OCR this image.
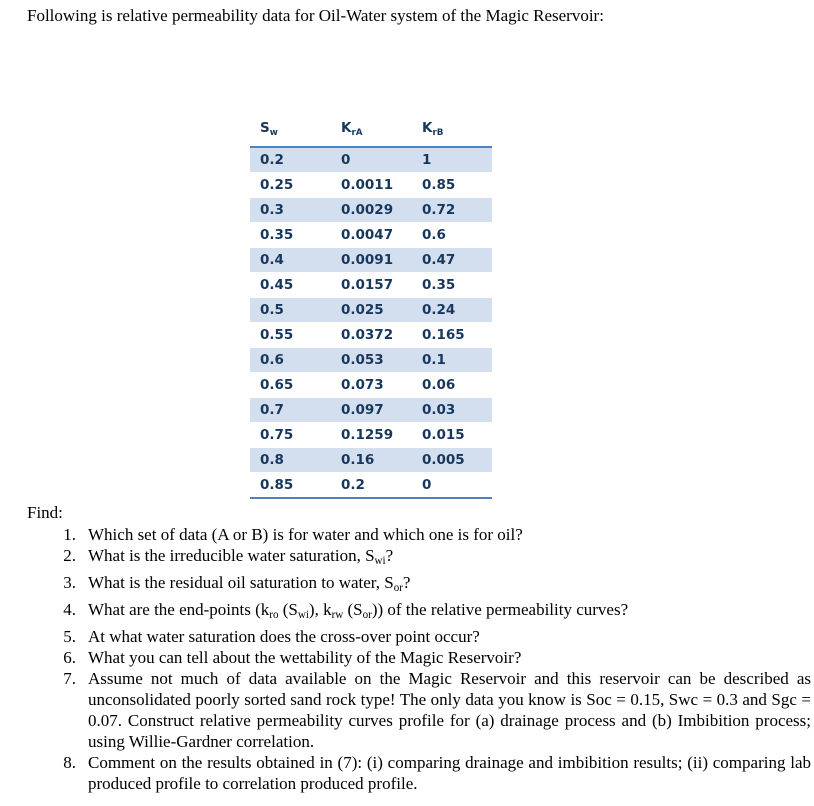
Following is relative permeability data for Oil-Water system of the Magic Reservoir:

$S_w$	$K_{rA}$	$K_{rB}$
0.2	0	1
0.25	0.0011	0.85
0.3	0.0029	0.72
0.35	0.0047	0.6
0.4	0.0091	0.47
0.45	0.0157	0.35
0.5	0.025	0.24
0.55	0.0372	0.165
0.6	0.053	0.1
0.65	0.073	0.06
0.7	0.097	0.03
0.75	0.1259	0.015
0.8	0.16	0.005
0.85	0.2	0

Find:

1. Which set of data (A or B) is for water and which one is for oil?
2. What is the irreducible water saturation, $S_{wi}$?
3. What is the residual oil saturation to water, $S_{or}$?
4. What are the end-points ($k_{ro}$ $(S_{wi})$, $k_{rw}$ $(S_{or})$) of the relative permeability curves?
5. At what water saturation does the cross-over point occur?
6. What you can tell about the wettability of the Magic Reservoir?
7. Assume not much of data available on the Magic Reservoir and this reservoir can be described as unconsolidated poorly sorted sand rock type! The only data you know is Soc = 0.15, Swc = 0.3 and Sgc = 0.07. Construct relative permeability curves profile for (a) drainage process and (b) Imbibition process; using Willie-Gardner correlation.
8. Comment on the results obtained in (7): (i) comparing drainage and imbibition results; (ii) comparing lab produced profile to correlation produced profile.
